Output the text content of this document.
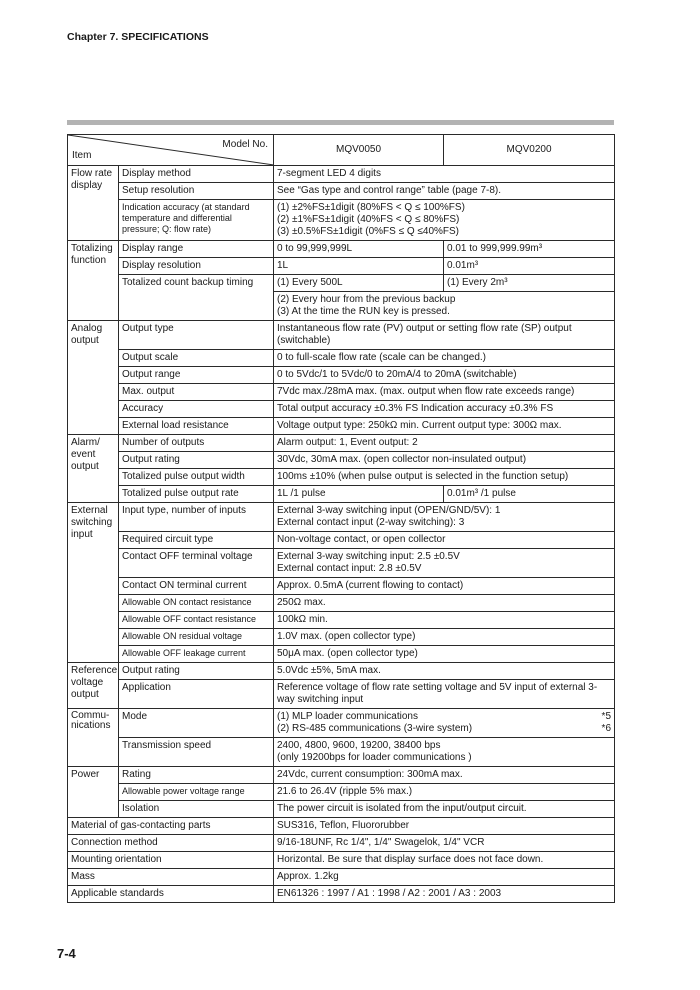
Chapter 7. SPECIFICATIONS
Model No.
Item		MQV0050	MQV0200
Flow rate display	Display method	7-segment LED 4 digits	
	Setup resolution	See “Gas type and control range” table (page 7-8).	
	Indication accuracy (at standard temperature and differential pressure; Q: flow rate)	(1) ±2%FS±1digit (80%FS < Q ≤ 100%FS)
(2) ±1%FS±1digit (40%FS < Q ≤ 80%FS)
(3) ±0.5%FS±1digit (0%FS ≤ Q ≤40%FS)	
Totalizing function	Display range	0 to 99,999,999L	0.01 to 999,999.99m³
	Display resolution	1L	0.01m³
	Totalized count backup timing	(1) Every 500L	(1) Every 2m³
		(2) Every hour from the previous backup
(3) At the time the RUN key is pressed.	
Analog output	Output type	Instantaneous flow rate (PV) output or setting flow rate (SP) output (switchable)	
	Output scale	0 to full-scale flow rate (scale can be changed.)	
	Output range	0 to 5Vdc/1 to 5Vdc/0 to 20mA/4 to 20mA (switchable)	
	Max. output	7Vdc max./28mA max. (max. output when flow rate exceeds range)	
	Accuracy	Total output accuracy ±0.3% FS Indication accuracy ±0.3% FS	
	External load resistance	Voltage output type: 250kΩ min. Current output type: 300Ω max.	
Alarm/ event output	Number of outputs	Alarm output: 1, Event output: 2	
	Output rating	30Vdc, 30mA max. (open collector non-insulated output)	
	Totalized pulse output width	100ms ±10% (when pulse output is selected in the function setup)	
	Totalized pulse output rate	1L /1 pulse	0.01m³ /1 pulse
External switching input	Input type, number of inputs	External 3-way switching input (OPEN/GND/5V): 1
External contact input (2-way switching): 3	
	Required circuit type	Non-voltage contact, or open collector	
	Contact OFF terminal voltage	External 3-way switching input: 2.5 ±0.5V
External contact input: 2.8 ±0.5V	
	Contact ON terminal current	Approx. 0.5mA (current flowing to contact)	
	Allowable ON contact resistance	250Ω max.	
	Allowable OFF contact resistance	100kΩ min.	
	Allowable ON residual voltage	1.0V max. (open collector type)	
	Allowable OFF leakage current	50μA max. (open collector type)	
Reference voltage output	Output rating	5.0Vdc ±5%, 5mA max.	
	Application	Reference voltage of flow rate setting voltage and 5V input of external 3-way switching input	
Commu- nications	Mode	(1) MLP loader communications *5
(2) RS-485 communications (3-wire system) *6	

	Transmission speed	2400, 4800, 9600, 19200, 38400 bps
(only 19200bps for loader communications )	
Power	Rating	24Vdc, current consumption: 300mA max.	
	Allowable power voltage range	21.6 to 26.4V (ripple 5% max.)	
	Isolation	The power circuit is isolated from the input/output circuit.	
Material of gas-contacting parts		SUS316, Teflon, Fluororubber	
Connection method		9/16-18UNF, Rc 1/4", 1/4" Swagelok, 1/4" VCR	
Mounting orientation		Horizontal. Be sure that display surface does not face down.	
Mass		Approx. 1.2kg	
Applicable standards		EN61326 : 1997 / A1 : 1998 / A2 : 2001 / A3 : 2003	
7-4
